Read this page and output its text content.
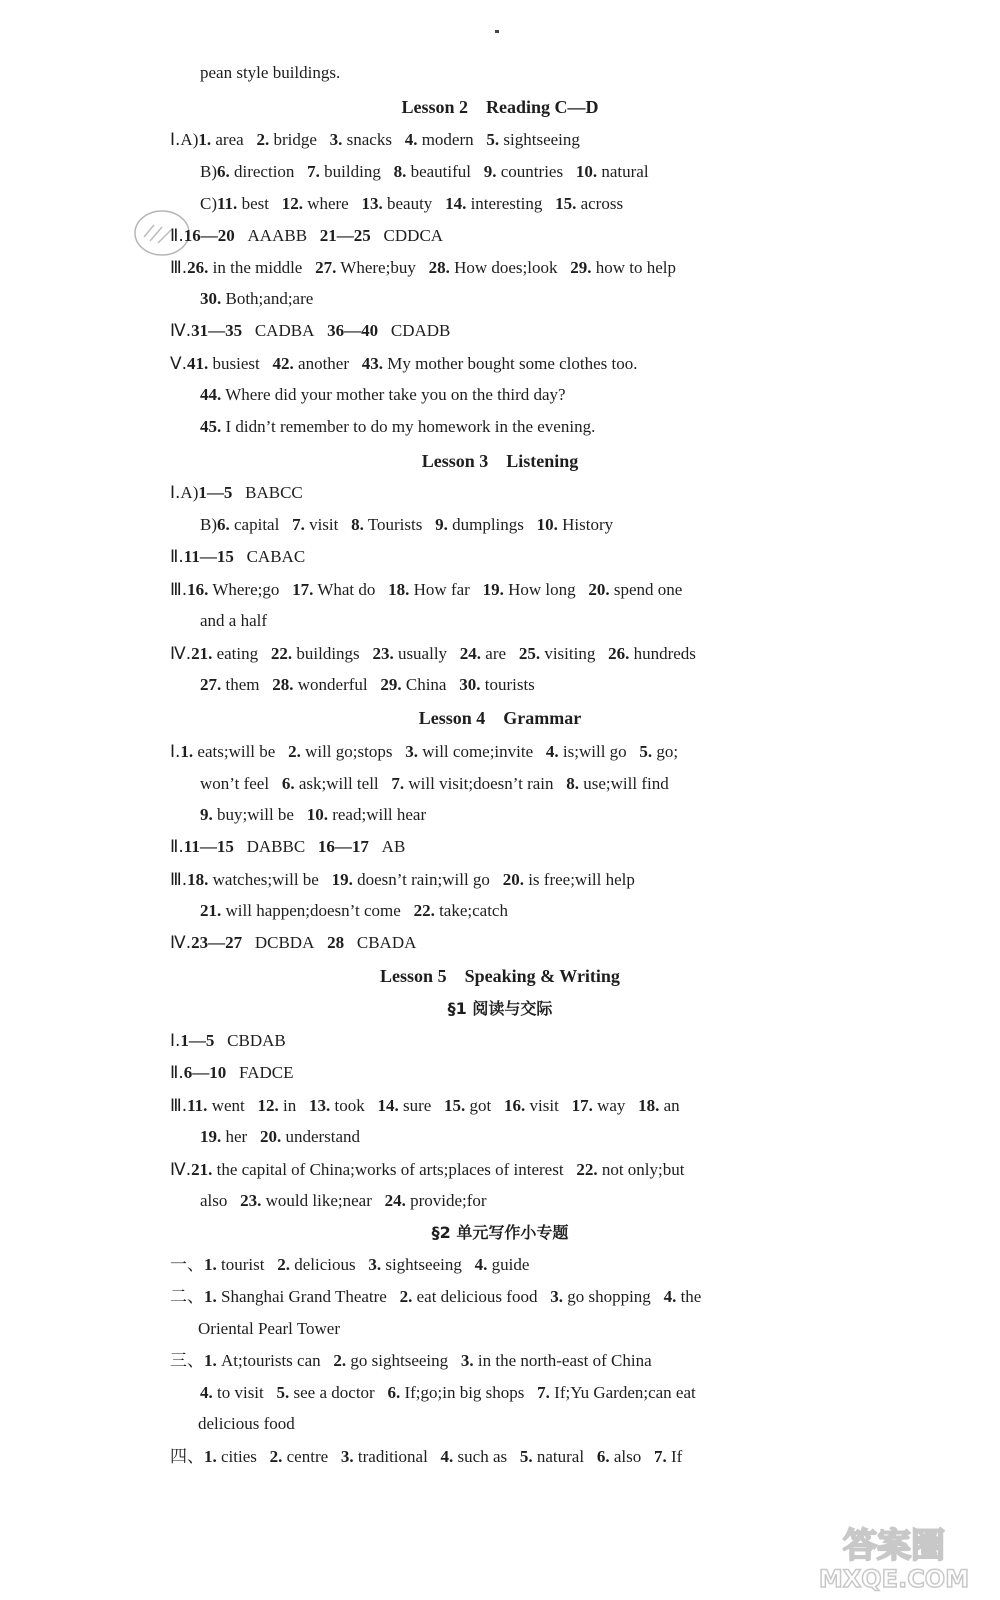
pean style buildings.
Lesson 2 Reading C—D
Ⅰ.A)1. area 2. bridge 3. snacks 4. modern 5. sightseeing
B)6. direction 7. building 8. beautiful 9. countries 10. natural
C)11. best 12. where 13. beauty 14. interesting 15. across
Ⅱ.16—20 AAABB 21—25 CDDCA
Ⅲ.26. in the middle 27. Where;buy 28. How does;look 29. how to help
30. Both;and;are
Ⅳ.31—35 CADBA 36—40 CDADB
Ⅴ.41. busiest 42. another 43. My mother bought some clothes too.
44. Where did your mother take you on the third day?
45. I didn’t remember to do my homework in the evening.
Lesson 3 Listening
Ⅰ.A)1—5 BABCC
B)6. capital 7. visit 8. Tourists 9. dumplings 10. History
Ⅱ.11—15 CABAC
Ⅲ.16. Where;go 17. What do 18. How far 19. How long 20. spend one
and a half
Ⅳ.21. eating 22. buildings 23. usually 24. are 25. visiting 26. hundreds
27. them 28. wonderful 29. China 30. tourists
Lesson 4 Grammar
Ⅰ.1. eats;will be 2. will go;stops 3. will come;invite 4. is;will go 5. go;
won’t feel 6. ask;will tell 7. will visit;doesn’t rain 8. use;will find
9. buy;will be 10. read;will hear
Ⅱ.11—15 DABBC 16—17 AB
Ⅲ.18. watches;will be 19. doesn’t rain;will go 20. is free;will help
21. will happen;doesn’t come 22. take;catch
Ⅳ.23—27 DCBDA 28 CBADA
Lesson 5 Speaking & Writing
§1 阅读与交际
Ⅰ.1—5 CBDAB
Ⅱ.6—10 FADCE
Ⅲ.11. went 12. in 13. took 14. sure 15. got 16. visit 17. way 18. an
19. her 20. understand
Ⅳ.21. the capital of China;works of arts;places of interest 22. not only;but
also 23. would like;near 24. provide;for
§2 单元写作小专题
一、1. tourist 2. delicious 3. sightseeing 4. guide
二、1. Shanghai Grand Theatre 2. eat delicious food 3. go shopping 4. the
Oriental Pearl Tower
三、1. At;tourists can 2. go sightseeing 3. in the north-east of China
4. to visit 5. see a doctor 6. If;go;in big shops 7. If;Yu Garden;can eat
delicious food
四、1. cities 2. centre 3. traditional 4. such as 5. natural 6. also 7. If
答案圈
MXQE.COM
